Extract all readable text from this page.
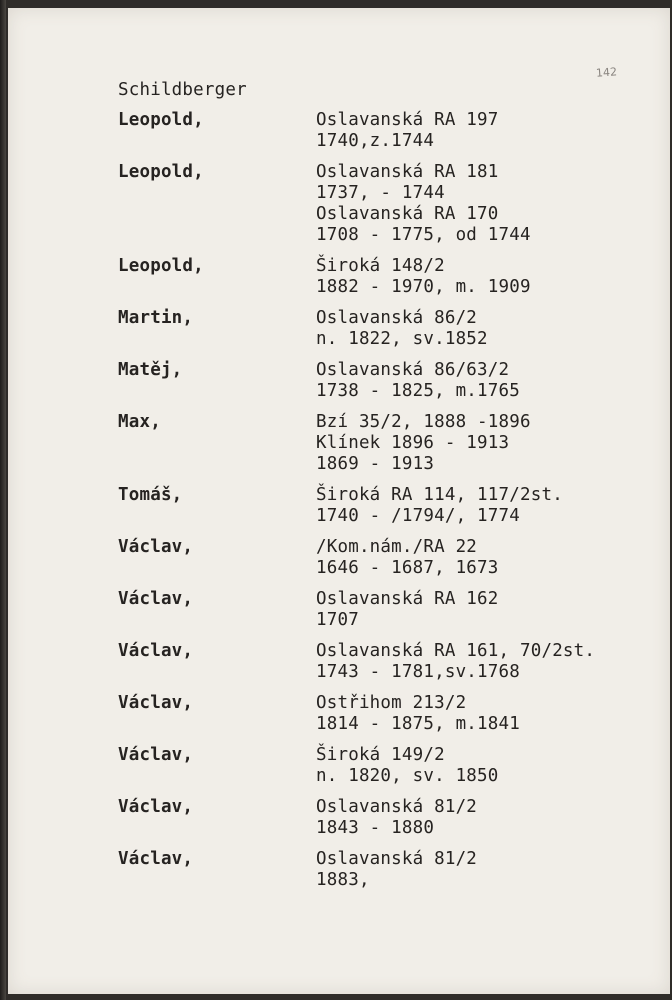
142
Schildberger
Leopold,	Oslavanská RA 197
1740,z.1744
Leopold,	Oslavanská RA 181
1737, - 1744
Oslavanská RA 170
1708 - 1775, od 1744
Leopold,	Široká 148/2
1882 - 1970, m. 1909
Martin,	Oslavanská 86/2
n. 1822, sv.1852
Matěj,	Oslavanská 86/63/2
1738 - 1825, m.1765
Max,	Bzí 35/2, 1888 -1896
Klínek 1896 - 1913
1869 - 1913
Tomáš,	Široká RA 114, 117/2st.
1740 - /1794/, 1774
Václav,	/Kom.nám./RA 22
1646 - 1687, 1673
Václav,	Oslavanská RA 162
1707
Václav,	Oslavanská RA 161, 70/2st.
1743 - 1781,sv.1768
Václav,	Ostřihom 213/2
1814 - 1875, m.1841
Václav,	Široká 149/2
n. 1820, sv. 1850
Václav,	Oslavanská 81/2
1843 - 1880
Václav,	Oslavanská 81/2
1883,
